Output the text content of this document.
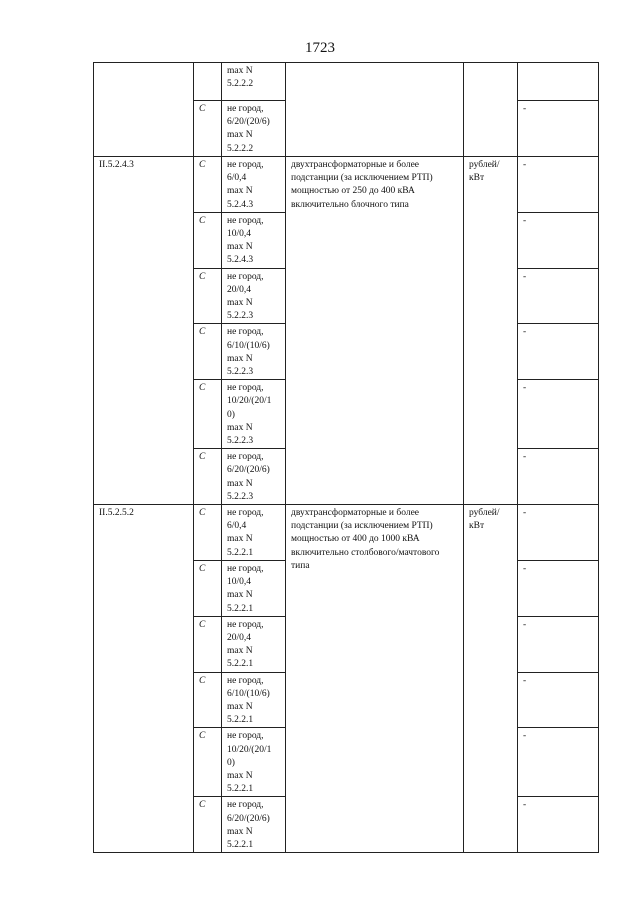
1723
		max N
5.2.2.2			
	C	не город,
6/20/(20/6)
max N
5.2.2.2			-
II.5.2.4.3	C	не город,
6/0,4
max N
5.2.4.3	двухтрансформаторные и более подстанции (за исключением РТП) мощностью от 250 до 400 кВА включительно блочного типа	рублей/ кВт	-
	C	не город,
10/0,4
max N
5.2.4.3			-
	C	не город,
20/0,4
max N
5.2.2.3			-
	C	не город,
6/10/(10/6)
max N
5.2.2.3			-
	C	не город,
10/20/(20/1
0)
max N
5.2.2.3			-
	C	не город,
6/20/(20/6)
max N
5.2.2.3			-
II.5.2.5.2	C	не город,
6/0,4
max N
5.2.2.1	двухтрансформаторные и более подстанции (за исключением РТП) мощностью от 400 до 1000 кВА включительно столбового/мачтового типа	рублей/ кВт	-
	C	не город,
10/0,4
max N
5.2.2.1			-
	C	не город,
20/0,4
max N
5.2.2.1			-
	C	не город,
6/10/(10/6)
max N
5.2.2.1			-
	C	не город,
10/20/(20/1
0)
max N
5.2.2.1			-
	C	не город,
6/20/(20/6)
max N
5.2.2.1			-
